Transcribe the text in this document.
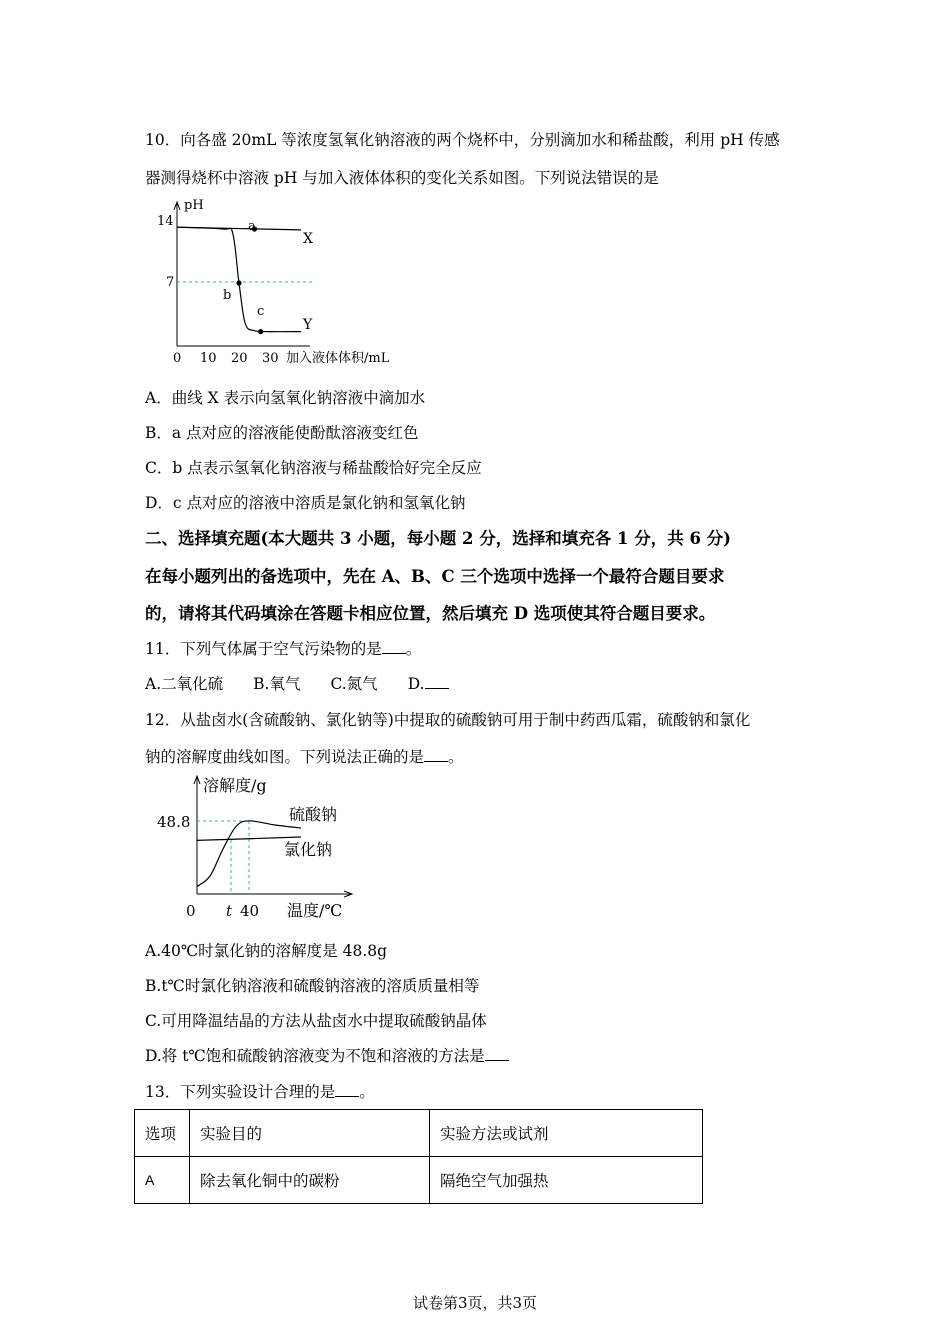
10．向各盛 20mL 等浓度氢氧化钠溶液的两个烧杯中，分别滴加水和稀盐酸，利用 pH 传感
器测得烧杯中溶液 pH 与加入液体体积的变化关系如图。下列说法错误的是
pH
14
7
0 10 20 30 加入液体体积/mL
X
Y
a
b
c
A．曲线 X 表示向氢氧化钠溶液中滴加水
B．a 点对应的溶液能使酚酞溶液变红色
C．b 点表示氢氧化钠溶液与稀盐酸恰好完全反应
D．c 点对应的溶液中溶质是氯化钠和氢氧化钠
二、选择填充题(本大题共 3 小题，每小题 2 分，选择和填充各 1 分，共 6 分)
在每小题列出的备选项中，先在 A、B、C 三个选项中选择一个最符合题目要求
的，请将其代码填涂在答题卡相应位置，然后填充 D 选项使其符合题目要求。
11．下列气体属于空气污染物的是 。
A.二氧化硫 B.氧气 C.氮气 D.
12．从盐卤水(含硫酸钠、氯化钠等)中提取的硫酸钠可用于制中药西瓜霜，硫酸钠和氯化
钠的溶解度曲线如图。下列说法正确的是 。
溶解度/g
48.8
0 t 40 温度/℃
硫酸钠
氯化钠
A.40℃时氯化钠的溶解度是 48.8g
B.t℃时氯化钠溶液和硫酸钠溶液的溶质质量相等
C.可用降温结晶的方法从盐卤水中提取硫酸钠晶体
D.将 t℃饱和硫酸钠溶液变为不饱和溶液的方法是
13．下列实验设计合理的是 。
选项	实验目的	实验方法或试剂
A	除去氧化铜中的碳粉	隔绝空气加强热
试卷第3页，共3页
